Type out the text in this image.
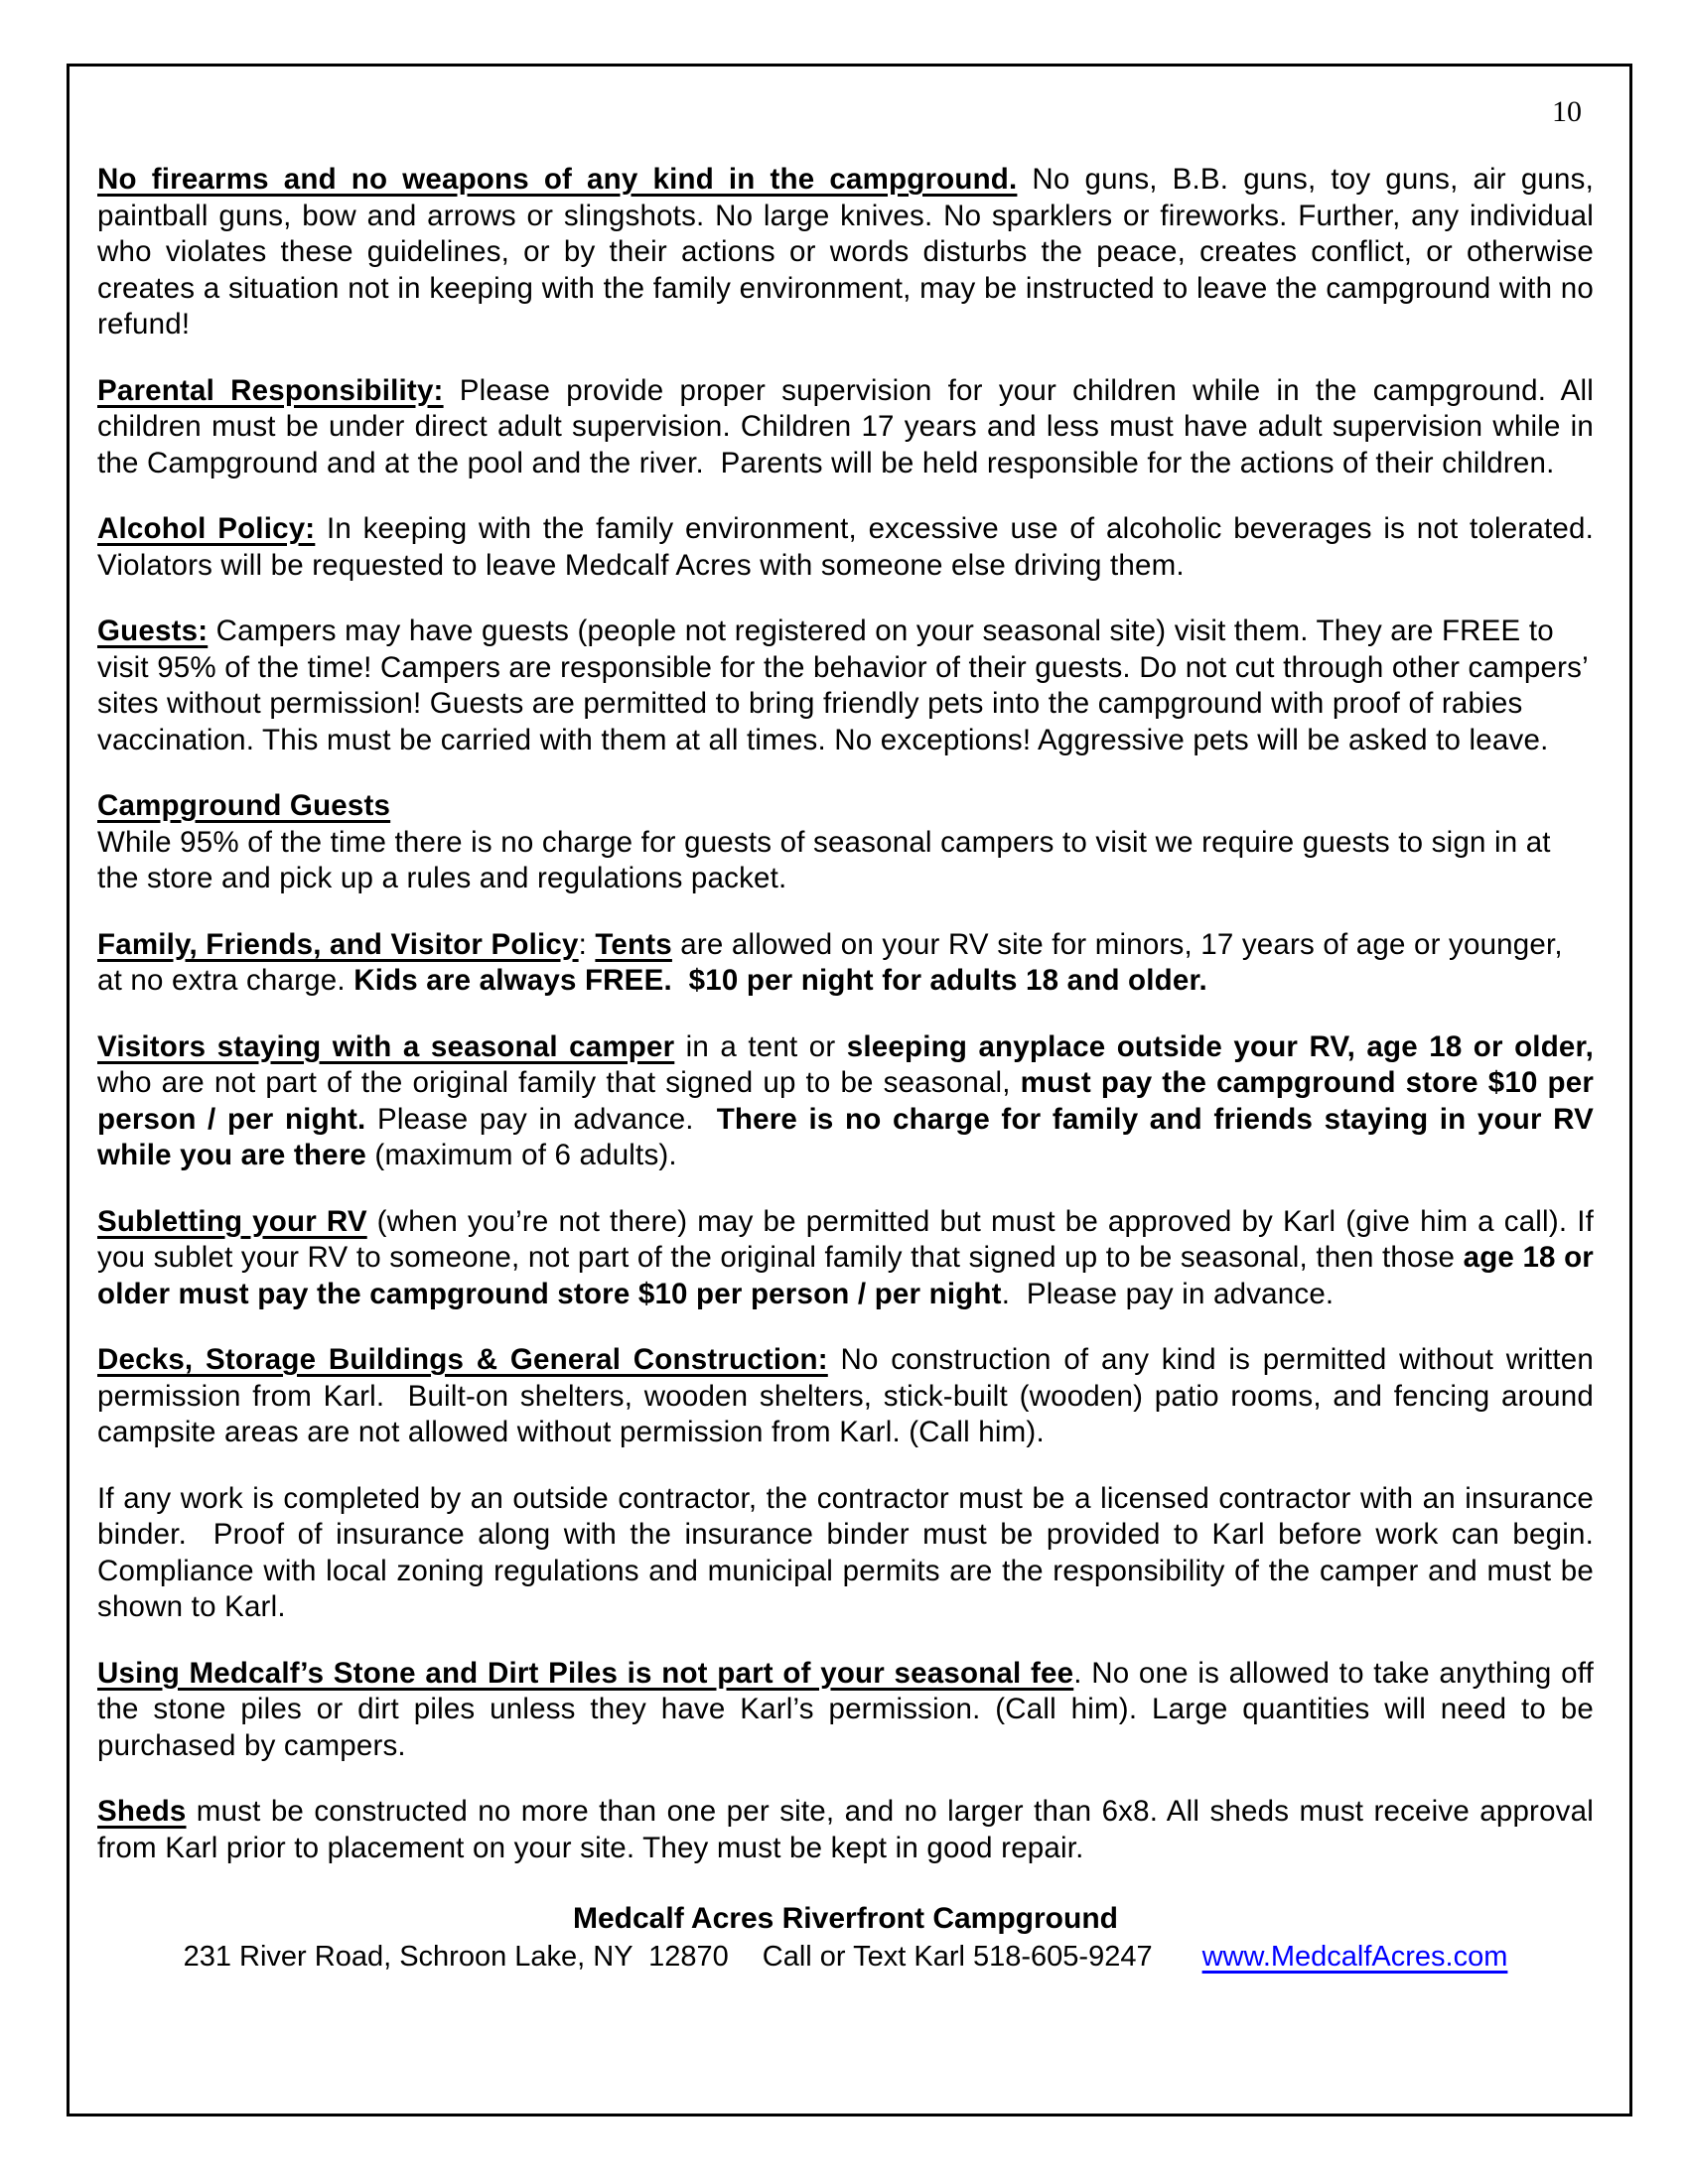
10

No firearms and no weapons of any kind in the campground. No guns, B.B. guns, toy guns, air guns, paintball guns, bow and arrows or slingshots. No large knives. No sparklers or fireworks. Further, any individual who violates these guidelines, or by their actions or words disturbs the peace, creates conflict, or otherwise creates a situation not in keeping with the family environment, may be instructed to leave the campground with no refund!

Parental Responsibility: Please provide proper supervision for your children while in the campground. All children must be under direct adult supervision. Children 17 years and less must have adult supervision while in the Campground and at the pool and the river.  Parents will be held responsible for the actions of their children.

Alcohol Policy: In keeping with the family environment, excessive use of alcoholic beverages is not tolerated. Violators will be requested to leave Medcalf Acres with someone else driving them.

Guests: Campers may have guests (people not registered on your seasonal site) visit them. They are FREE to visit 95% of the time! Campers are responsible for the behavior of their guests. Do not cut through other campers’ sites without permission! Guests are permitted to bring friendly pets into the campground with proof of rabies vaccination. This must be carried with them at all times. No exceptions! Aggressive pets will be asked to leave.

Campground Guests

While 95% of the time there is no charge for guests of seasonal campers to visit we require guests to sign in at the store and pick up a rules and regulations packet.

Family, Friends, and Visitor Policy: Tents are allowed on your RV site for minors, 17 years of age or younger, at no extra charge. Kids are always FREE.  $10 per night for adults 18 and older.

Visitors staying with a seasonal camper in a tent or sleeping anyplace outside your RV, age 18 or older, who are not part of the original family that signed up to be seasonal, must pay the campground store $10 per person / per night. Please pay in advance.  There is no charge for family and friends staying in your RV while you are there (maximum of 6 adults).

Subletting your RV (when you’re not there) may be permitted but must be approved by Karl (give him a call). If you sublet your RV to someone, not part of the original family that signed up to be seasonal, then those age 18 or older must pay the campground store $10 per person / per night.  Please pay in advance.

Decks, Storage Buildings & General Construction: No construction of any kind is permitted without written permission from Karl.  Built-on shelters, wooden shelters, stick-built (wooden) patio rooms, and fencing around campsite areas are not allowed without permission from Karl. (Call him).

If any work is completed by an outside contractor, the contractor must be a licensed contractor with an insurance binder.  Proof of insurance along with the insurance binder must be provided to Karl before work can begin. Compliance with local zoning regulations and municipal permits are the responsibility of the camper and must be shown to Karl.

Using Medcalf’s Stone and Dirt Piles is not part of your seasonal fee. No one is allowed to take anything off the stone piles or dirt piles unless they have Karl’s permission. (Call him). Large quantities will need to be purchased by campers.

Sheds must be constructed no more than one per site, and no larger than 6x8. All sheds must receive approval from Karl prior to placement on your site. They must be kept in good repair.

Medcalf Acres Riverfront Campground
231 River Road, Schroon Lake, NY  12870 Call or Text Karl 518-605-9247 www.MedcalfAcres.com
